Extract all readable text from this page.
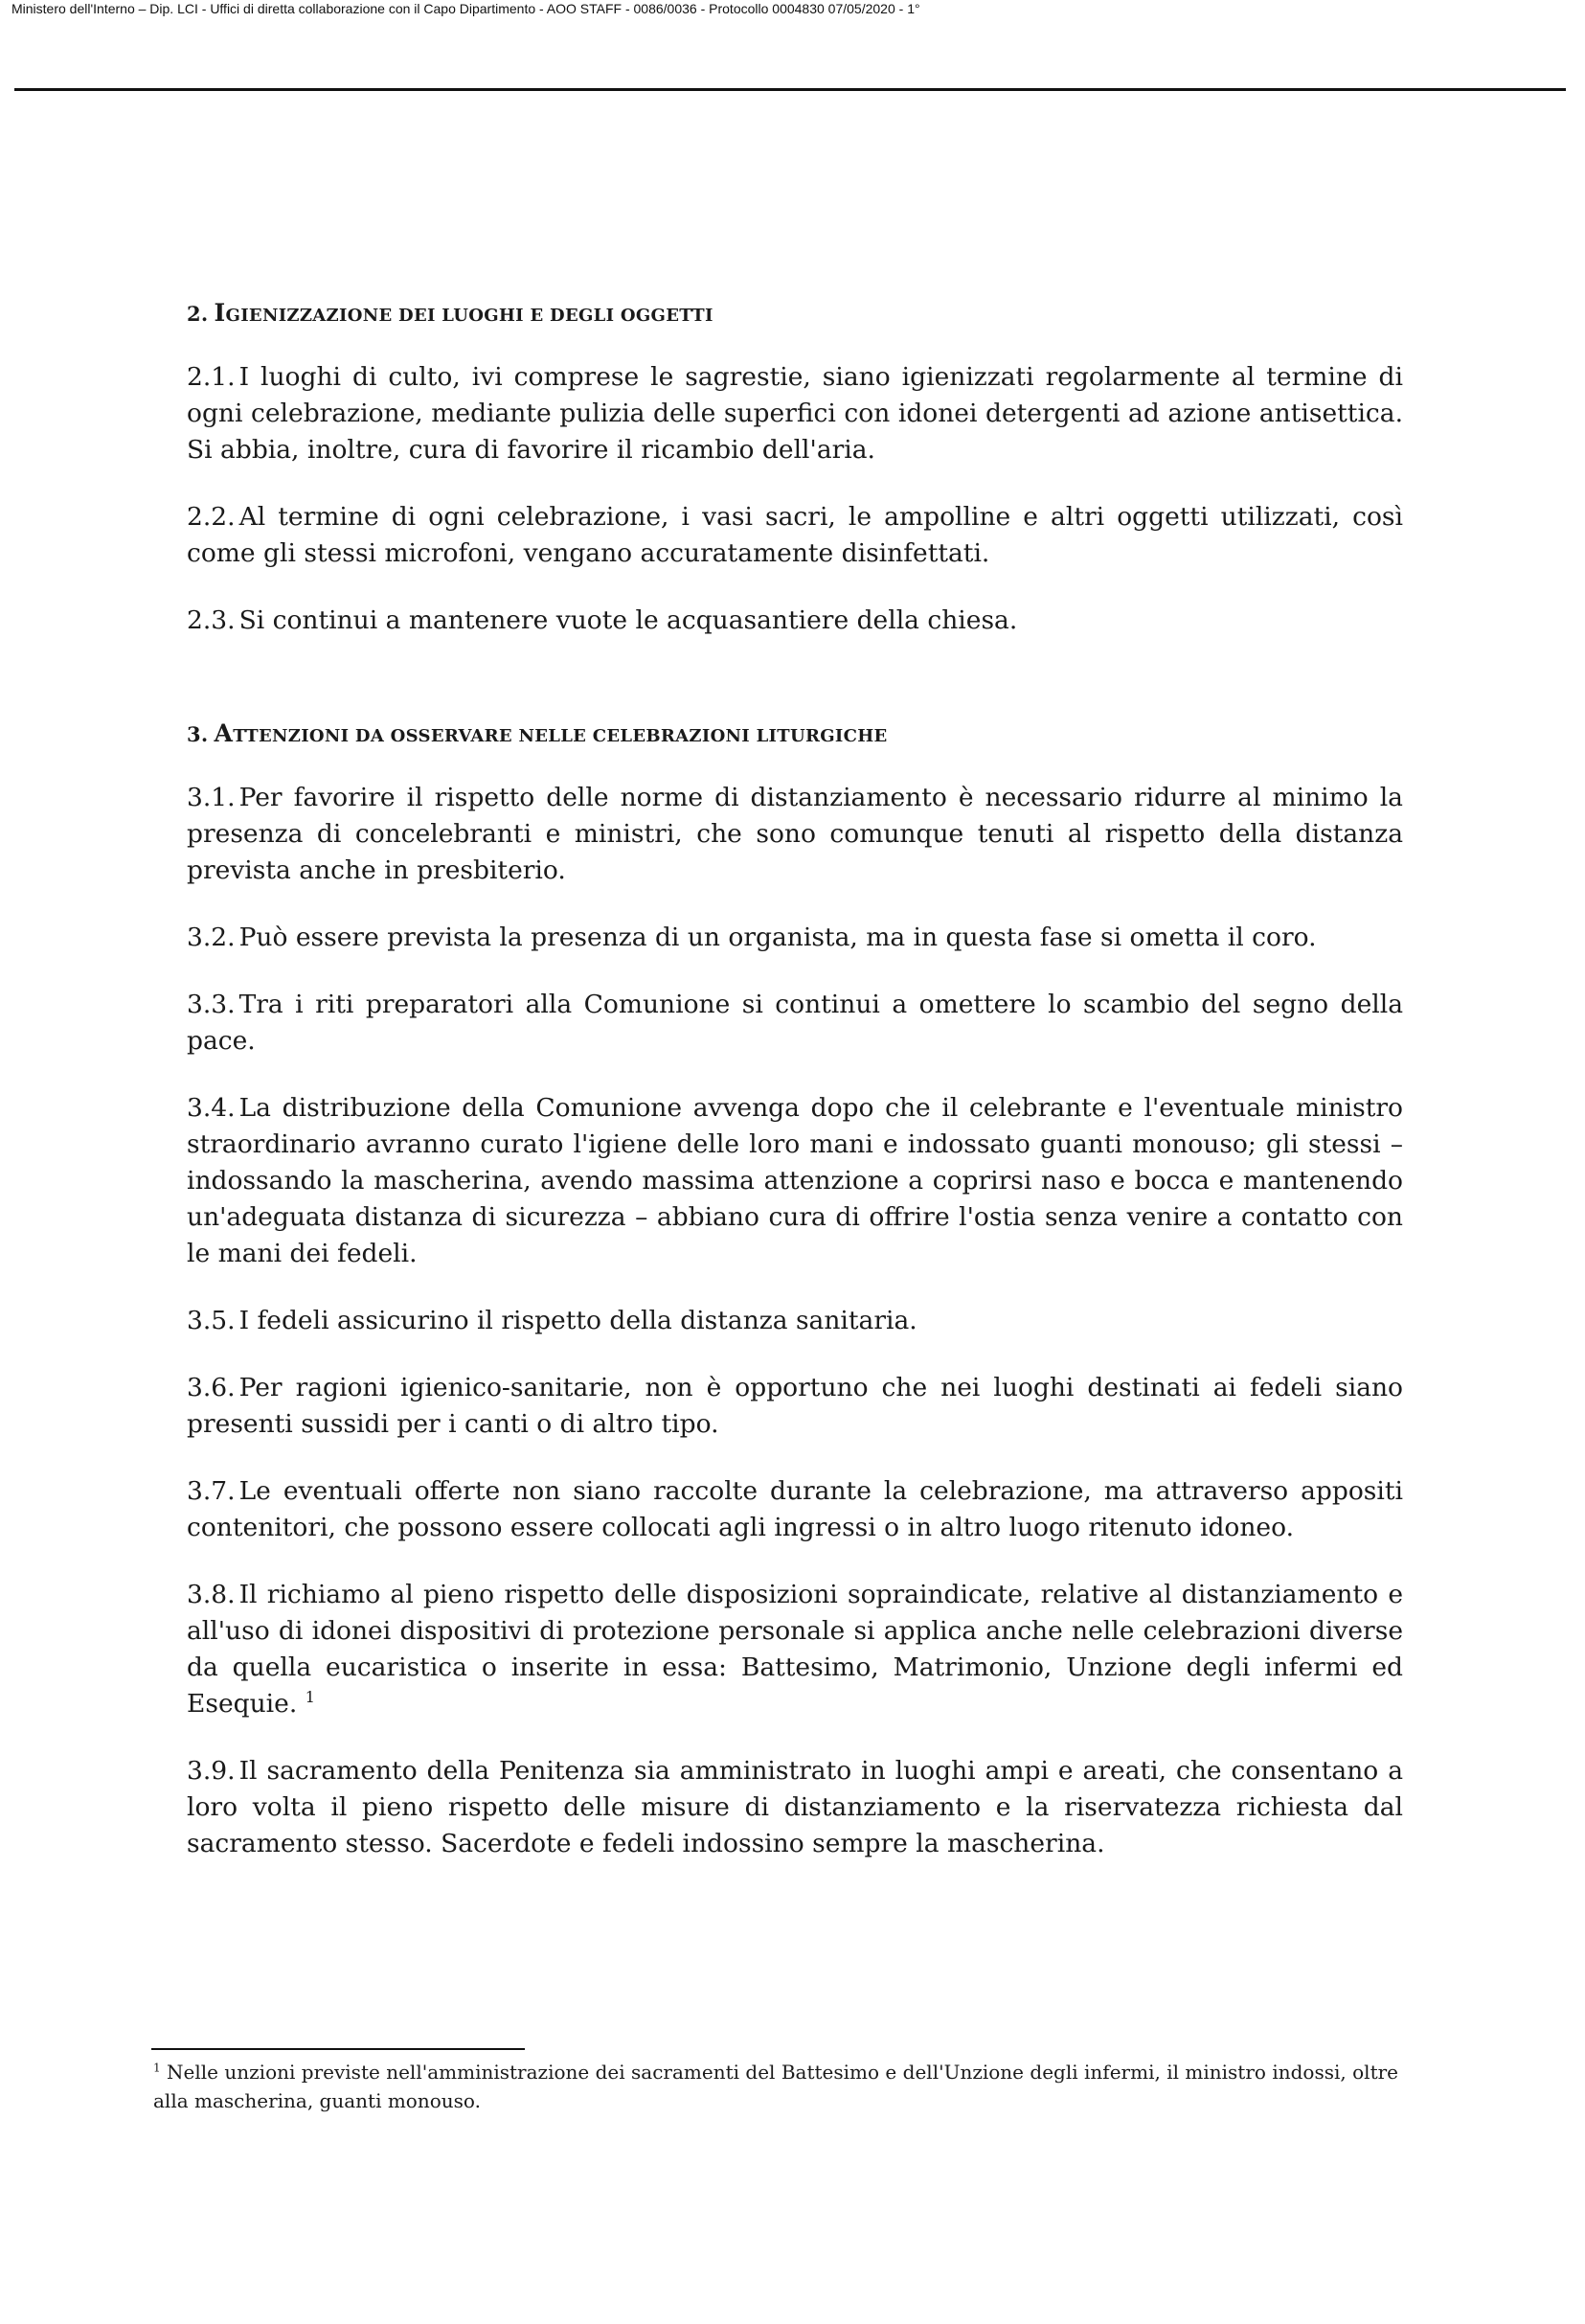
Ministero dell'Interno – Dip. LCI - Uffici di diretta collaborazione con il Capo Dipartimento - AOO STAFF - 0086/0036 - Protocollo 0004830 07/05/2020 - 1°
2. IGIENIZZAZIONE DEI LUOGHI E DEGLI OGGETTI

2.1. I luoghi di culto, ivi comprese le sagrestie, siano igienizzati regolarmente al termine di ogni celebrazione, mediante pulizia delle superfici con idonei detergenti ad azione antisettica. Si abbia, inoltre, cura di favorire il ricambio dell'aria.

2.2. Al termine di ogni celebrazione, i vasi sacri, le ampolline e altri oggetti utilizzati, così come gli stessi microfoni, vengano accuratamente disinfettati.

2.3. Si continui a mantenere vuote le acquasantiere della chiesa.

3. ATTENZIONI DA OSSERVARE NELLE CELEBRAZIONI LITURGICHE

3.1. Per favorire il rispetto delle norme di distanziamento è necessario ridurre al minimo la presenza di concelebranti e ministri, che sono comunque tenuti al rispetto della distanza prevista anche in presbiterio.

3.2. Può essere prevista la presenza di un organista, ma in questa fase si ometta il coro.

3.3. Tra i riti preparatori alla Comunione si continui a omettere lo scambio del segno della pace.

3.4. La distribuzione della Comunione avvenga dopo che il celebrante e l'eventuale ministro straordinario avranno curato l'igiene delle loro mani e indossato guanti monouso; gli stessi – indossando la mascherina, avendo massima attenzione a coprirsi naso e bocca e mantenendo un'adeguata distanza di sicurezza – abbiano cura di offrire l'ostia senza venire a contatto con le mani dei fedeli.

3.5. I fedeli assicurino il rispetto della distanza sanitaria.

3.6. Per ragioni igienico-sanitarie, non è opportuno che nei luoghi destinati ai fedeli siano presenti sussidi per i canti o di altro tipo.

3.7. Le eventuali offerte non siano raccolte durante la celebrazione, ma attraverso appositi contenitori, che possono essere collocati agli ingressi o in altro luogo ritenuto idoneo.

3.8. Il richiamo al pieno rispetto delle disposizioni sopraindicate, relative al distanziamento e all'uso di idonei dispositivi di protezione personale si applica anche nelle celebrazioni diverse da quella eucaristica o inserite in essa: Battesimo, Matrimonio, Unzione degli infermi ed Esequie. $^1$

3.9. Il sacramento della Penitenza sia amministrato in luoghi ampi e areati, che consentano a loro volta il pieno rispetto delle misure di distanziamento e la riservatezza richiesta dal sacramento stesso. Sacerdote e fedeli indossino sempre la mascherina.

$^1$ Nelle unzioni previste nell'amministrazione dei sacramenti del Battesimo e dell'Unzione degli infermi, il ministro indossi, oltre alla mascherina, guanti monouso.
